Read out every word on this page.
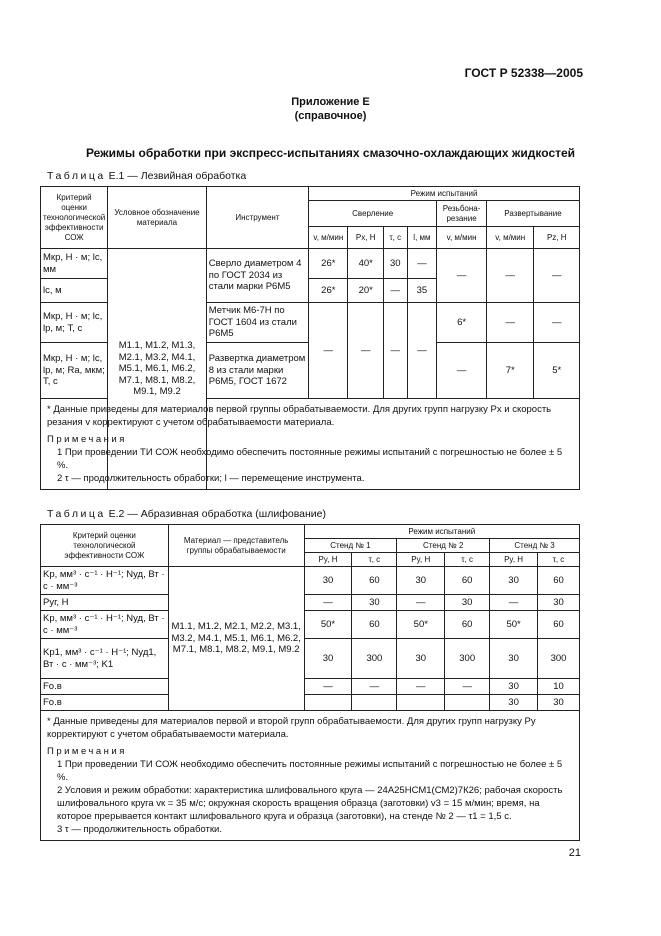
ГОСТ Р 52338—2005
Приложение Е
(справочное)
Режимы обработки при экспресс-испытаниях смазочно-охлаждающих жидкостей
Таблица Е.1 — Лезвийная обработка
Критерий оценки технологической эффективности СОЖ	Условное обозначение материала	Инструмент	Режим испытаний						
			Сверление				Резьбона-резание	Развертывание	
			v, м/мин	Px, Н	τ, с	l, мм	v, м/мин	v, м/мин	Pz, Н
Mкр, Н · м; lс, мм	М1.1, М1.2, М1.3, М2.1, М3.2, М4.1, М5.1, М6.1, М6.2, М7.1, М8.1, М8.2, М9.1, М9.2	Сверло диаметром 4 по ГОСТ 2034 из стали марки Р6М5	26*	40*	30	—	—	—	—
lс, м			26*	20*	—	35			
Mкр, Н · м; lс, lр, м; T, с		Метчик М6-7Н по ГОСТ 1604 из стали Р6М5	—	—	—	—	6*	—	—
Mкр, Н · м; lс, lр, м; Ra, мкм; T, с		Развертка диаметром 8 из стали марки Р6М5, ГОСТ 1672					—	7*	5*
* Данные приведены для материалов первой группы обрабатываемости. Для других групп нагрузку Px и скорость резания v корректируют с учетом обрабатываемости материала.
Примечания
1 При проведении ТИ СОЖ необходимо обеспечить постоянные режимы испытаний с погрешностью не более ± 5 %.
2 τ — продолжительность обработки; l — перемещение инструмента.									
Таблица Е.2 — Абразивная обработка (шлифование)
Критерий оценки технологической эффективности СОЖ	Материал — представитель группы обрабатываемости	Режим испытаний					
		Стенд № 1		Стенд № 2		Стенд № 3	
		Py, Н	τ, с	Py, Н	τ, с	Py, Н	τ, с
Kр, мм³ · с⁻¹ · Н⁻¹; Nуд, Вт · с · мм⁻³	М1.1, М1.2, М2.1, М2.2, М3.1, М3.2, М4.1, М5.1, М6.1, М6.2, М7.1, М8.1, М8.2, М9.1, М9.2	30	60	30	60	30	60
Pуг, Н		—	30	—	30	—	30
Kр, мм³ · с⁻¹ · Н⁻¹; Nуд, Вт · с · мм⁻³		50*	60	50*	60	50*	60
Kр1, мм³ · с⁻¹ · Н⁻¹; Nуд1, Вт · с · мм⁻³; K1		30	300	30	300	30	300
Fо.в		—	—	—	—	30	10
Fо.в						30	30
* Данные приведены для материалов первой и второй групп обрабатываемости. Для других групп нагрузку Py корректируют с учетом обрабатываемости материала.
Примечания
1 При проведении ТИ СОЖ необходимо обеспечить постоянные режимы испытаний с погрешностью не более ± 5 %.
2 Условия и режим обработки: характеристика шлифовального круга — 24А25НСМ1(СМ2)7К26; рабочая скорость шлифовального круга vк = 35 м/с; окружная скорость вращения образца (заготовки) v3 = 15 м/мин; время, на которое прерывается контакт шлифовального круга и образца (заготовки), на стенде № 2 — τ1 = 1,5 с.
3 τ — продолжительность обработки.							
21
